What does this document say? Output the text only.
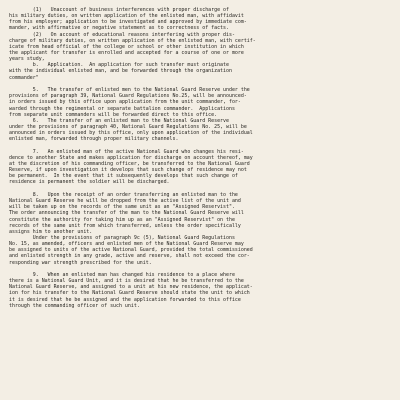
(1)   Unaccount of business interferences with proper discharge of
his military duties, on written application of the enlisted man, with affidavit
from his employer; application to be investigated and approved by immediate com-
mander, with affirmative or negative statement as to correctness of facts.
(2)   On account of educational reasons interfering with proper dis-
charge of military duties, on written application of the enlisted man, with certif-
icate from head official of the college or school or other institution in which
the applicant for transfer is enrolled and accepted for a course of one or more
years study,
b.   Application.  An application for such transfer must originate
with the individual enlisted man, and be forwarded through the organization
commander"
5.   The transfer of enlisted men to the National Guard Reserve under the
provisions of paragraph 39, National Guard Regulations No.25, will be announced-
in orders issued by this office upon application from the unit commander, for-
warded through the regimental or separate battalion commander.  Applications
from separate unit commanders will be forwarded direct to this office.
6.   The transfer of an enlisted man to the National Guard Reserve
under the provisions of paragraph 40, National Guard Regulations No. 25, will be
announced in orders issued by this office, only upon application of the individual
enlisted man, forwarded through proper military channels.
7.   An enlisted man of the active National Guard who changes his resi-
dence to another State and makes application for discharge on account thereof, may
at the discretion of his commanding officer, be transferred to the National Guard
Reserve, if upon investigation it develops that such change of residence may not
be permanent.  In the event that it subsequently develops that such change of
residence is permanent the soldier will be discharged.
8.   Upon the receipt of an order transferring an enlisted man to the
National Guard Reserve he will be dropped from the active list of the unit and
will be taken up on the records of the same unit as an "Assigned Reservist".
The order announcing the transfer of the man to the National Guard Reserve will
constitute the authority for taking him up as an "Assigned Reservist" on the
records of the same unit from which transferred, unless the order specifically
assigns him to another unit.
Under the provisions of paragraph 9c (5), National Guard Regulations
No. 15, as amended, officers and enlisted men of the National Guard Reserve may
be assigned to units of the active National Guard, provided the total commissioned
and enlisted strength in any grade, active and reserve, shall not exceed the cor-
responding war strength prescribed for the unit.
9.   When an enlisted man has changed his residence to a place where
there is a National Guard Unit, and it is desired that he be transferred to the
National Guard Reserve, and assigned to a unit at his new residence, the applicat-
ion for his transfer to the National Guard Reserve should state the unit to which
it is desired that he be assigned and the application forwarded to this office
through the commanding officer of such unit.
